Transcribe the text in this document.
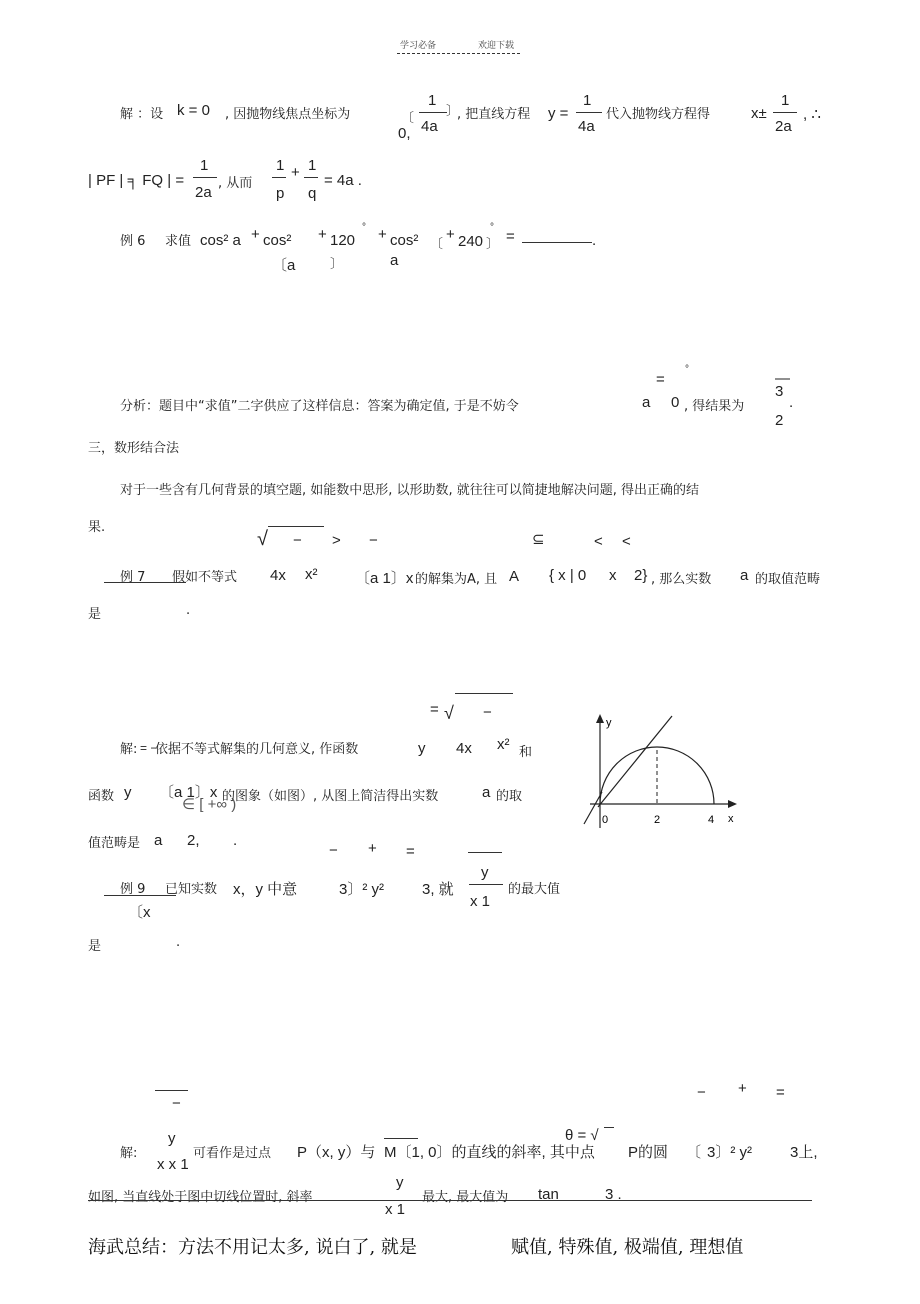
学习必备	欢迎下载
解 ：设 k = 0 , 因抛物线焦点坐标为	〔
1
4a
〕
0,
, 把直线方程 y =
1
4a
代入抛物线方程得	x±
1
2a
, ∴
| PF | ╕ FQ | =
1
2a
, 从而
1
p
+ 1
q
= 4a .
例 6 求值 cos² a + cos²
〔a	〕
+ 120
° + cos²
a
〔
+ 240 〕
°
=	.
=
°
—
分析：题目中“求值”二字供应了这样信息：答案为确定值, 于是不妨令	a 0 , 得结果为
3
2
.
三，数形结合法
对于一些含有几何背景的填空题, 如能数中思形, 以形助数, 就往往可以简捷地解决问题, 得出正确的结
果.
√ − > −	⊆	< <
例 7 假如不等式 4x x²	〔a 1〕x 的解集为A, 且 A { x | 0 x 2} , 那么实数 a 的取值范畴
是	.
= √ −
解: = −
依据不等式解集的几何意义, 作函数	y 4x x² 和
函数 y 〔a 1〕x
∈ [ +∞ )
的图象（如图）, 从图上简洁得出实数	a 的取
值范畴是 a 2, .
y
0	2	4 x
− + =
例 9 已知实数 x，y 中意
〔x
3〕² y²	3, 就
y
x 1
的最大值
是	.
−
− + =
解:
y
x x 1
可看作是过点 P（x, y）与 M〔1, 0〕的直线的斜率, 其中点
θ = √
P的圆 〔 3〕² y²	3上,
如图, 当直线处于图中切线位置时, 斜率
y
x 1
最大, 最大值为 tan	3 .
海武总结：方法不用记太多, 说白了, 就是	赋值, 特殊值, 极端值, 理想值
